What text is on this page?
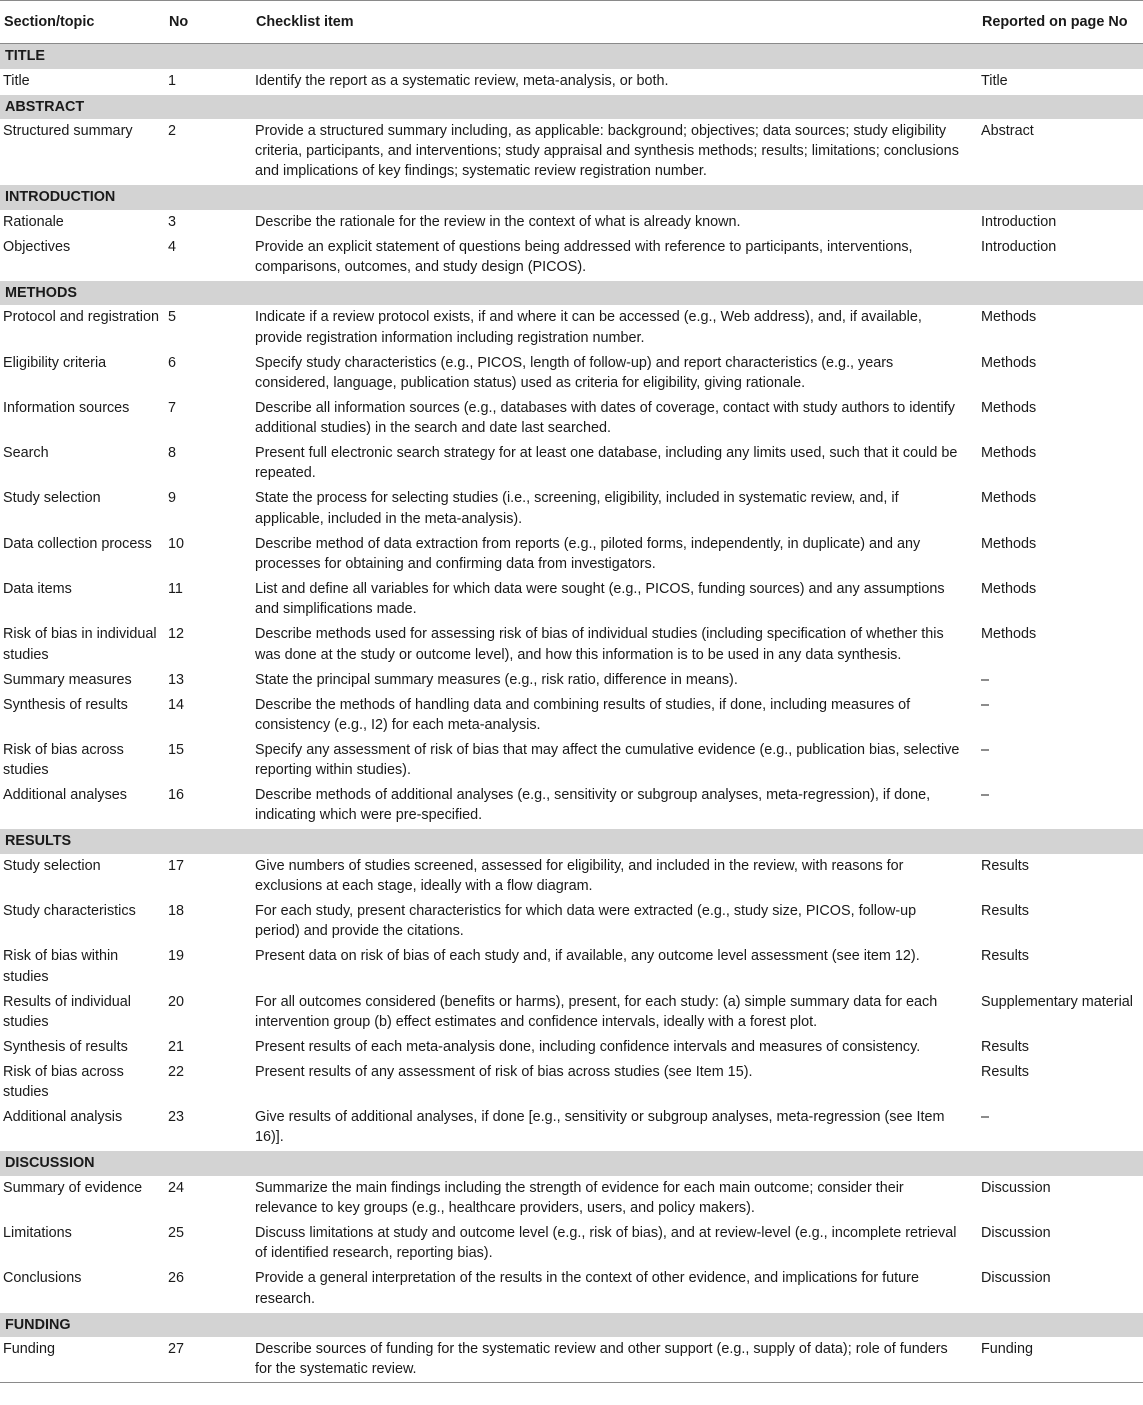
Section/topic	No	Checklist item	Reported on page No
TITLE			
Title	1	Identify the report as a systematic review, meta-analysis, or both.	Title
ABSTRACT			
Structured summary	2	Provide a structured summary including, as applicable: background; objectives; data sources; study eligibility criteria, participants, and interventions; study appraisal and synthesis methods; results; limitations; conclusions and implications of key findings; systematic review registration number.	Abstract
INTRODUCTION			
Rationale	3	Describe the rationale for the review in the context of what is already known.	Introduction
Objectives	4	Provide an explicit statement of questions being addressed with reference to participants, interventions, comparisons, outcomes, and study design (PICOS).	Introduction
METHODS			
Protocol and registration	5	Indicate if a review protocol exists, if and where it can be accessed (e.g., Web address), and, if available, provide registration information including registration number.	Methods
Eligibility criteria	6	Specify study characteristics (e.g., PICOS, length of follow-up) and report characteristics (e.g., years considered, language, publication status) used as criteria for eligibility, giving rationale.	Methods
Information sources	7	Describe all information sources (e.g., databases with dates of coverage, contact with study authors to identify additional studies) in the search and date last searched.	Methods
Search	8	Present full electronic search strategy for at least one database, including any limits used, such that it could be repeated.	Methods
Study selection	9	State the process for selecting studies (i.e., screening, eligibility, included in systematic review, and, if applicable, included in the meta-analysis).	Methods
Data collection process	10	Describe method of data extraction from reports (e.g., piloted forms, independently, in duplicate) and any processes for obtaining and confirming data from investigators.	Methods
Data items	11	List and define all variables for which data were sought (e.g., PICOS, funding sources) and any assumptions and simplifications made.	Methods
Risk of bias in individual studies	12	Describe methods used for assessing risk of bias of individual studies (including specification of whether this was done at the study or outcome level), and how this information is to be used in any data synthesis.	Methods
Summary measures	13	State the principal summary measures (e.g., risk ratio, difference in means).	–
Synthesis of results	14	Describe the methods of handling data and combining results of studies, if done, including measures of consistency (e.g., I2) for each meta-analysis.	–
Risk of bias across studies	15	Specify any assessment of risk of bias that may affect the cumulative evidence (e.g., publication bias, selective reporting within studies).	–
Additional analyses	16	Describe methods of additional analyses (e.g., sensitivity or subgroup analyses, meta-regression), if done, indicating which were pre-specified.	–
RESULTS			
Study selection	17	Give numbers of studies screened, assessed for eligibility, and included in the review, with reasons for exclusions at each stage, ideally with a flow diagram.	Results
Study characteristics	18	For each study, present characteristics for which data were extracted (e.g., study size, PICOS, follow-up period) and provide the citations.	Results
Risk of bias within studies	19	Present data on risk of bias of each study and, if available, any outcome level assessment (see item 12).	Results
Results of individual studies	20	For all outcomes considered (benefits or harms), present, for each study: (a) simple summary data for each intervention group (b) effect estimates and confidence intervals, ideally with a forest plot.	Supplementary material
Synthesis of results	21	Present results of each meta-analysis done, including confidence intervals and measures of consistency.	Results
Risk of bias across studies	22	Present results of any assessment of risk of bias across studies (see Item 15).	Results
Additional analysis	23	Give results of additional analyses, if done [e.g., sensitivity or subgroup analyses, meta-regression (see Item 16)].	–
DISCUSSION			
Summary of evidence	24	Summarize the main findings including the strength of evidence for each main outcome; consider their relevance to key groups (e.g., healthcare providers, users, and policy makers).	Discussion
Limitations	25	Discuss limitations at study and outcome level (e.g., risk of bias), and at review-level (e.g., incomplete retrieval of identified research, reporting bias).	Discussion
Conclusions	26	Provide a general interpretation of the results in the context of other evidence, and implications for future research.	Discussion
FUNDING			
Funding	27	Describe sources of funding for the systematic review and other support (e.g., supply of data); role of funders for the systematic review.	Funding
